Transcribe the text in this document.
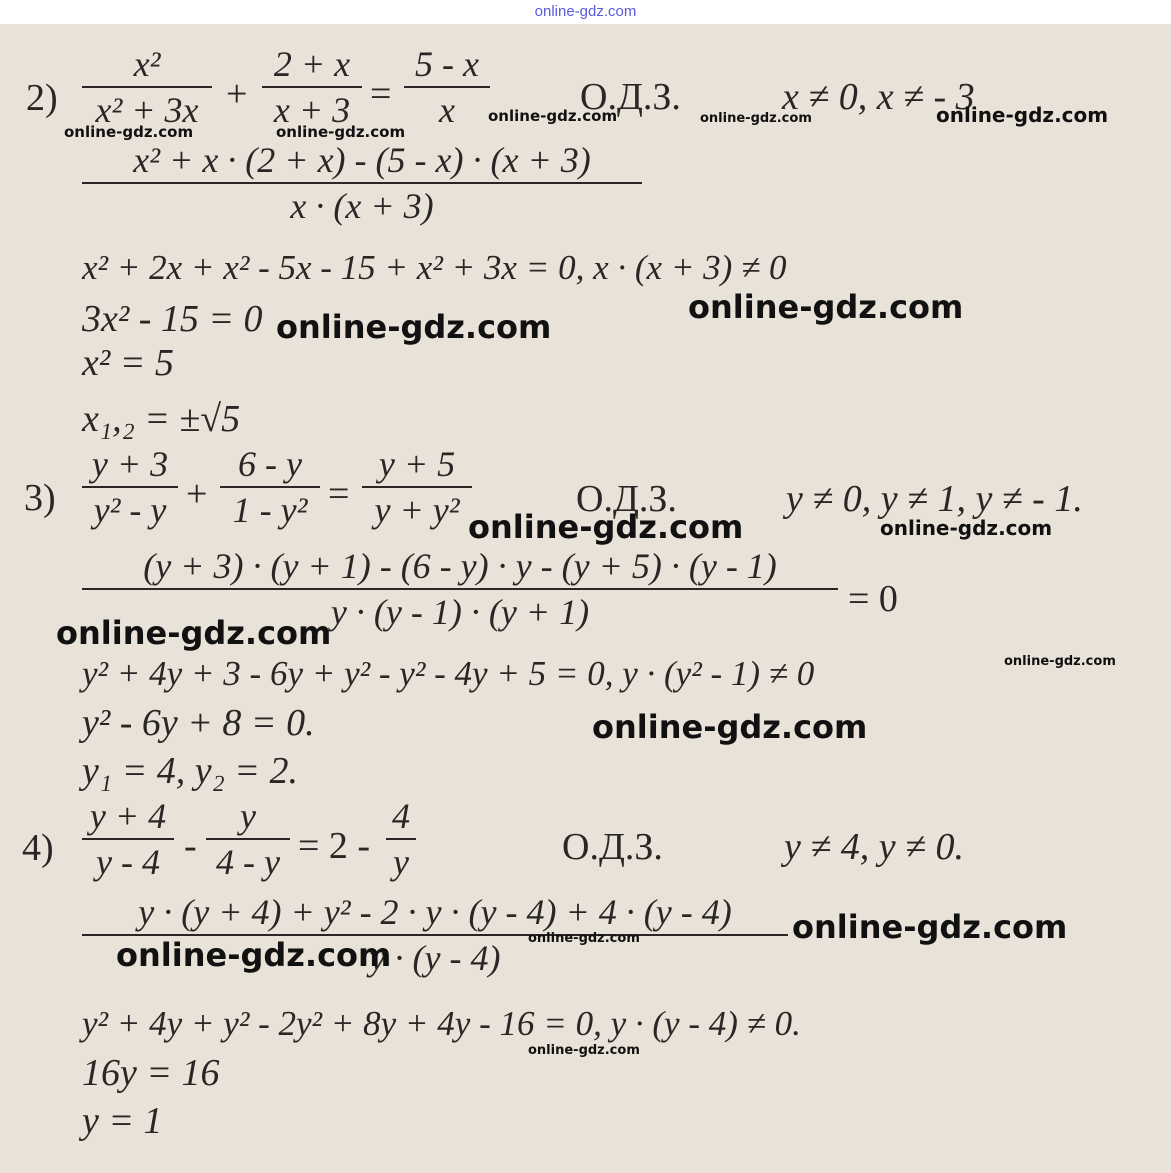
online-gdz.com
2)
x²
x² + 3x +
2 + x
x + 3 =
5 - x
x	О.Д.З.	x ≠ 0, x ≠ - 3
x² + x · (2 + x) - (5 - x) · (x + 3)
x · (x + 3)
x² + 2x + x² - 5x - 15 + x² + 3x = 0, x · (x + 3) ≠ 0
3x² - 15 = 0
x² = 5
x₁,₂ = ±√5
3)
y + 3
y² - y +
6 - y
1 - y² =
y + 5
y + y²	О.Д.З.	y ≠ 0, y ≠ 1, y ≠ - 1.
(y + 3) · (y + 1) - (6 - y) · y - (y + 5) · (y - 1)
y · (y - 1) · (y + 1)	= 0
y² + 4y + 3 - 6y + y² - y² - 4y + 5 = 0, y · (y² - 1) ≠ 0
y² - 6y + 8 = 0.
y₁ = 4, y₂ = 2.
4)
y + 4
y - 4 -
y
4 - y = 2 -
4
y	О.Д.З.	y ≠ 4, y ≠ 0.
y · (y + 4) + y² - 2 · y · (y - 4) + 4 · (y - 4)
y · (y - 4)
y² + 4y + y² - 2y² + 8y + 4y - 16 = 0, y · (y - 4) ≠ 0.
16y = 16
y = 1
online-gdz.com	online-gdz.com
online-gdz.com	online-gdz.com	online-gdz.com
online-gdz.com
online-gdz.com
online-gdz.com	online-gdz.com
online-gdz.com
online-gdz.com
online-gdz.com
online-gdz.com
online-gdz.com
online-gdz.com
online-gdz.com
